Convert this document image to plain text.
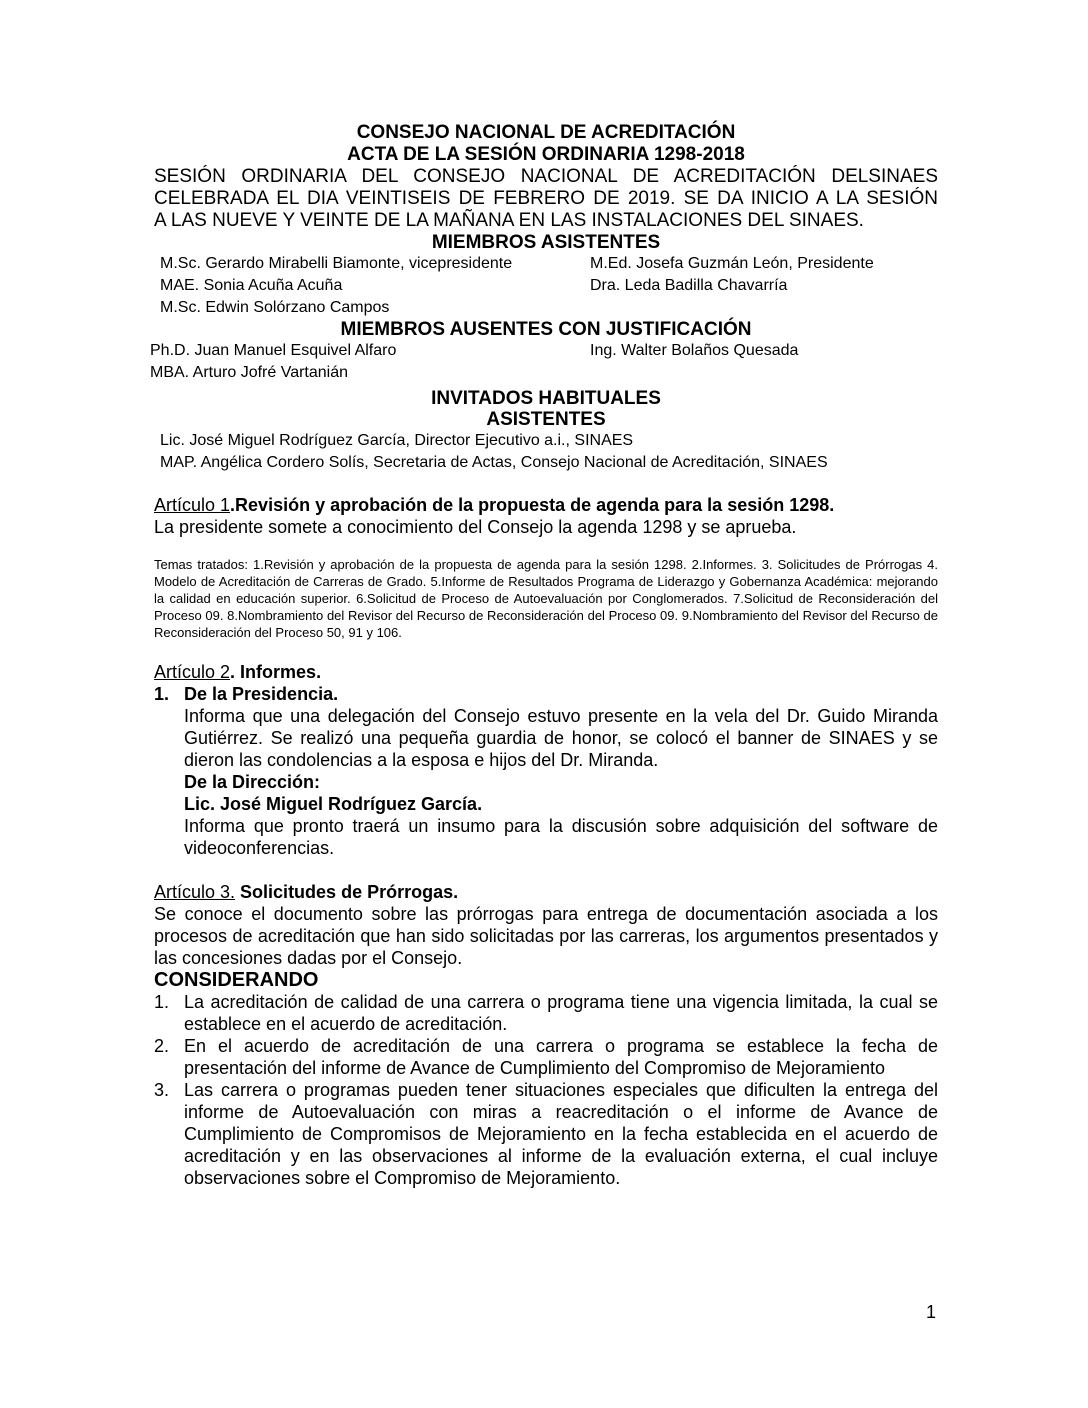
CONSEJO NACIONAL DE ACREDITACIÓN
ACTA DE LA SESIÓN ORDINARIA 1298-2018
SESIÓN ORDINARIA DEL CONSEJO NACIONAL DE ACREDITACIÓN DELSINAES
CELEBRADA EL DIA VEINTISEIS DE FEBRERO DE 2019. SE DA INICIO A LA SESIÓN
A LAS NUEVE Y VEINTE DE LA MAÑANA EN LAS INSTALACIONES DEL SINAES.
MIEMBROS ASISTENTES
M.Sc. Gerardo Mirabelli Biamonte, vicepresidente	M.Ed. Josefa Guzmán León, Presidente
MAE. Sonia Acuña Acuña	Dra. Leda Badilla Chavarría
M.Sc. Edwin Solórzano Campos
MIEMBROS AUSENTES CON JUSTIFICACIÓN
Ph.D. Juan Manuel Esquivel Alfaro	Ing. Walter Bolaños Quesada
MBA. Arturo Jofré Vartanián
INVITADOS HABITUALES
ASISTENTES
Lic. José Miguel Rodríguez García, Director Ejecutivo a.i., SINAES
MAP. Angélica Cordero Solís, Secretaria de Actas, Consejo Nacional de Acreditación, SINAES
Artículo 1.Revisión y aprobación de la propuesta de agenda para la sesión 1298.
La presidente somete a conocimiento del Consejo la agenda 1298 y se aprueba.
Temas tratados: 1.Revisión y aprobación de la propuesta de agenda para la sesión 1298. 2.Informes. 3. Solicitudes de Prórrogas 4. Modelo de Acreditación de Carreras de Grado. 5.Informe de Resultados Programa de Liderazgo y Gobernanza Académica: mejorando la calidad en educación superior. 6.Solicitud de Proceso de Autoevaluación por Conglomerados. 7.Solicitud de Reconsideración del Proceso 09. 8.Nombramiento del Revisor del Recurso de Reconsideración del Proceso 09. 9.Nombramiento del Revisor del Recurso de Reconsideración del Proceso 50, 91 y 106.
Artículo 2. Informes.
1. De la Presidencia.
Informa que una delegación del Consejo estuvo presente en la vela del Dr. Guido Miranda Gutiérrez. Se realizó una pequeña guardia de honor, se colocó el banner de SINAES y se dieron las condolencias a la esposa e hijos del Dr. Miranda.
De la Dirección:
Lic. José Miguel Rodríguez García.
Informa que pronto traerá un insumo para la discusión sobre adquisición del software de videoconferencias.
Artículo 3. Solicitudes de Prórrogas.
Se conoce el documento sobre las prórrogas para entrega de documentación asociada a los procesos de acreditación que han sido solicitadas por las carreras, los argumentos presentados y las concesiones dadas por el Consejo.
CONSIDERANDO
1. La acreditación de calidad de una carrera o programa tiene una vigencia limitada, la cual se establece en el acuerdo de acreditación.
2. En el acuerdo de acreditación de una carrera o programa se establece la fecha de presentación del informe de Avance de Cumplimiento del Compromiso de Mejoramiento
3. Las carrera o programas pueden tener situaciones especiales que dificulten la entrega del informe de Autoevaluación con miras a reacreditación o el informe de Avance de Cumplimiento de Compromisos de Mejoramiento en la fecha establecida en el acuerdo de acreditación y en las observaciones al informe de la evaluación externa, el cual incluye observaciones sobre el Compromiso de Mejoramiento.
1
